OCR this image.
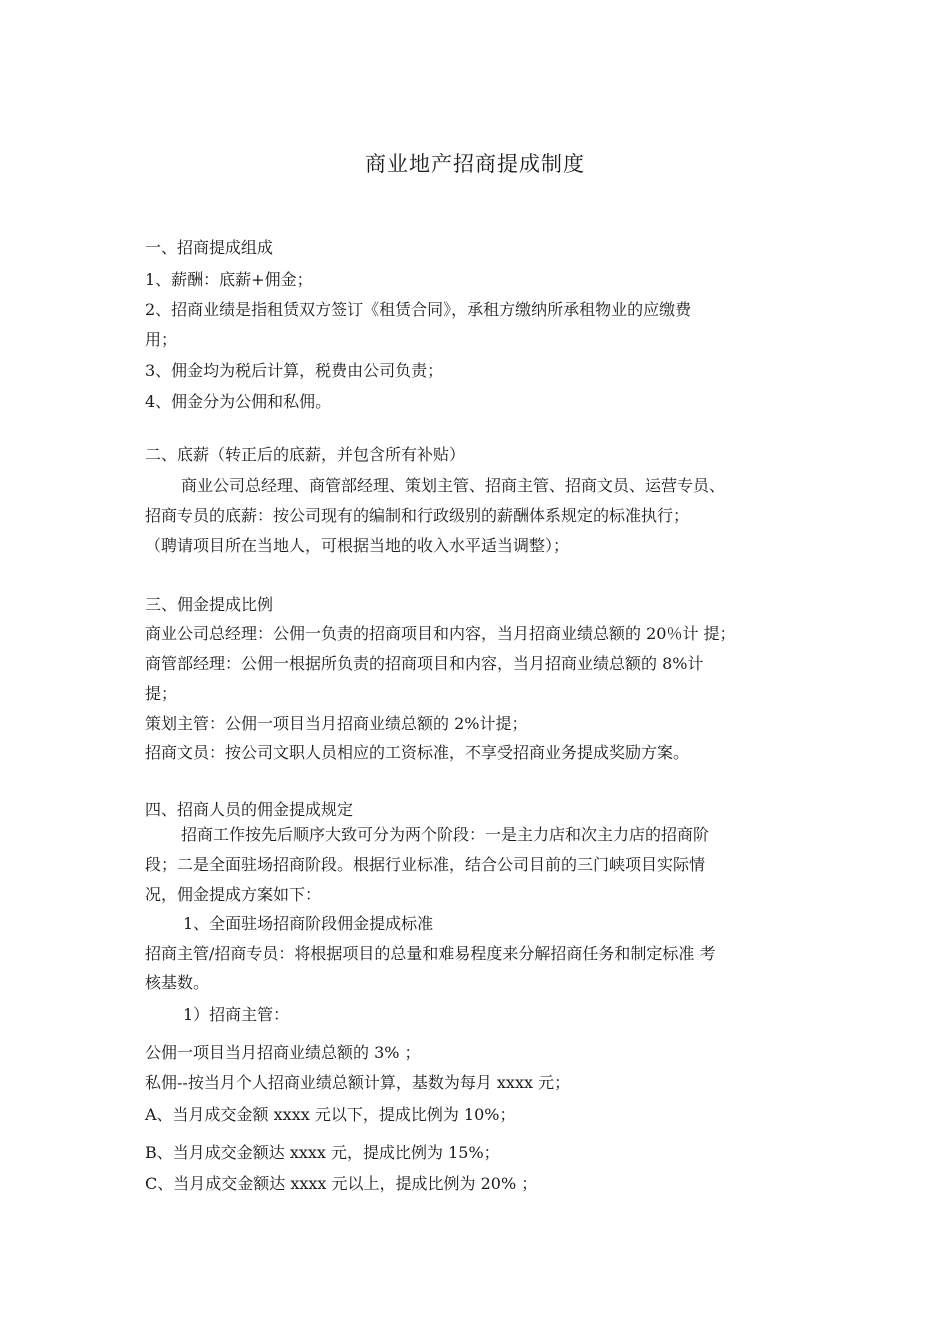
商业地产招商提成制度
一、招商提成组成
1、薪酬：底薪+佣金；
2、招商业绩是指租赁双方签订《租赁合同》，承租方缴纳所承租物业的应缴费
用；
3、佣金均为税后计算，税费由公司负责；
4、佣金分为公佣和私佣。
二、底薪（转正后的底薪，并包含所有补贴）
商业公司总经理、商管部经理、策划主管、招商主管、招商文员、运营专员、
招商专员的底薪：按公司现有的编制和行政级别的薪酬体系规定的标准执行；
（聘请项目所在当地人，可根据当地的收入水平适当调整）；
三、佣金提成比例
商业公司总经理：公佣一负责的招商项目和内容，当月招商业绩总额的 20％计 提；
商管部经理：公佣一根据所负责的招商项目和内容，当月招商业绩总额的 8%计
提；
策划主管：公佣一项目当月招商业绩总额的 2%计提；
招商文员：按公司文职人员相应的工资标准，不享受招商业务提成奖励方案。
四、招商人员的佣金提成规定
招商工作按先后顺序大致可分为两个阶段：一是主力店和次主力店的招商阶
段；二是全面驻场招商阶段。根据行业标准，结合公司目前的三门峡项目实际情
况，佣金提成方案如下：
1、全面驻场招商阶段佣金提成标准
招商主管/招商专员：将根据项目的总量和难易程度来分解招商任务和制定标准 考
核基数。
1）招商主管：
公佣一项目当月招商业绩总额的 3% ；
私佣--按当月个人招商业绩总额计算，基数为每月 xxxx 元；
A、当月成交金额 xxxx 元以下，提成比例为 10%；
B、当月成交金额达 xxxx 元，提成比例为 15%；
C、当月成交金额达 xxxx 元以上，提成比例为 20% ；
